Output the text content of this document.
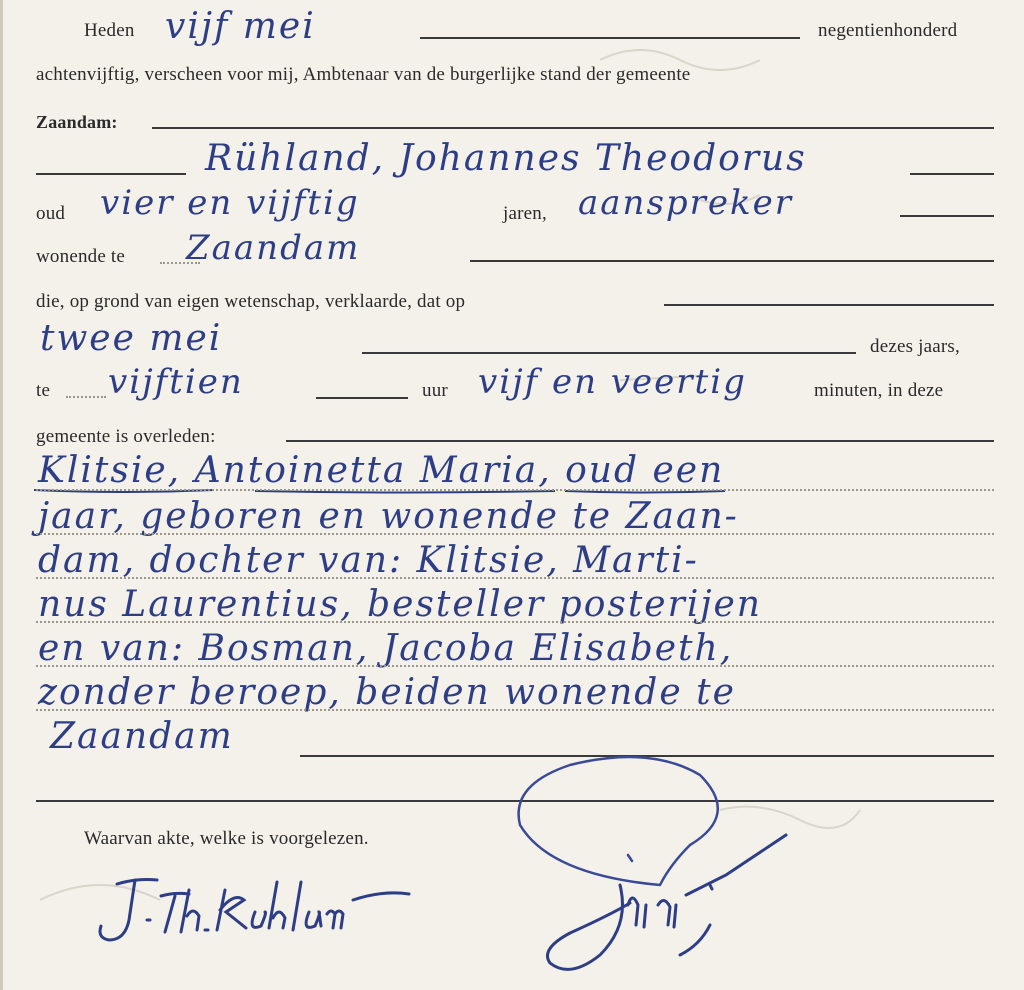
Heden vijf mei	negentienhonderd
achtenvijftig, verscheen voor mij, Ambtenaar van de burgerlijke stand der gemeente
Zaandam:
Rühland, Johannes Theodorus
oud vier en vijftig	jaren, aanspreker
wonende te Zaandam
die, op grond van eigen wetenschap, verklaarde, dat op
twee mei	dezes jaars,
te vijftien	uur vijf en veertig	minuten, in deze
gemeente is overleden:
Klitsie, Antoinetta Maria, oud een
jaar, geboren en wonende te Zaan-
dam, dochter van: Klitsie, Marti-
nus Laurentius, besteller posterijen
en van: Bosman, Jacoba Elisabeth,
zonder beroep, beiden wonende te
Zaandam
Waarvan akte, welke is voorgelezen.
